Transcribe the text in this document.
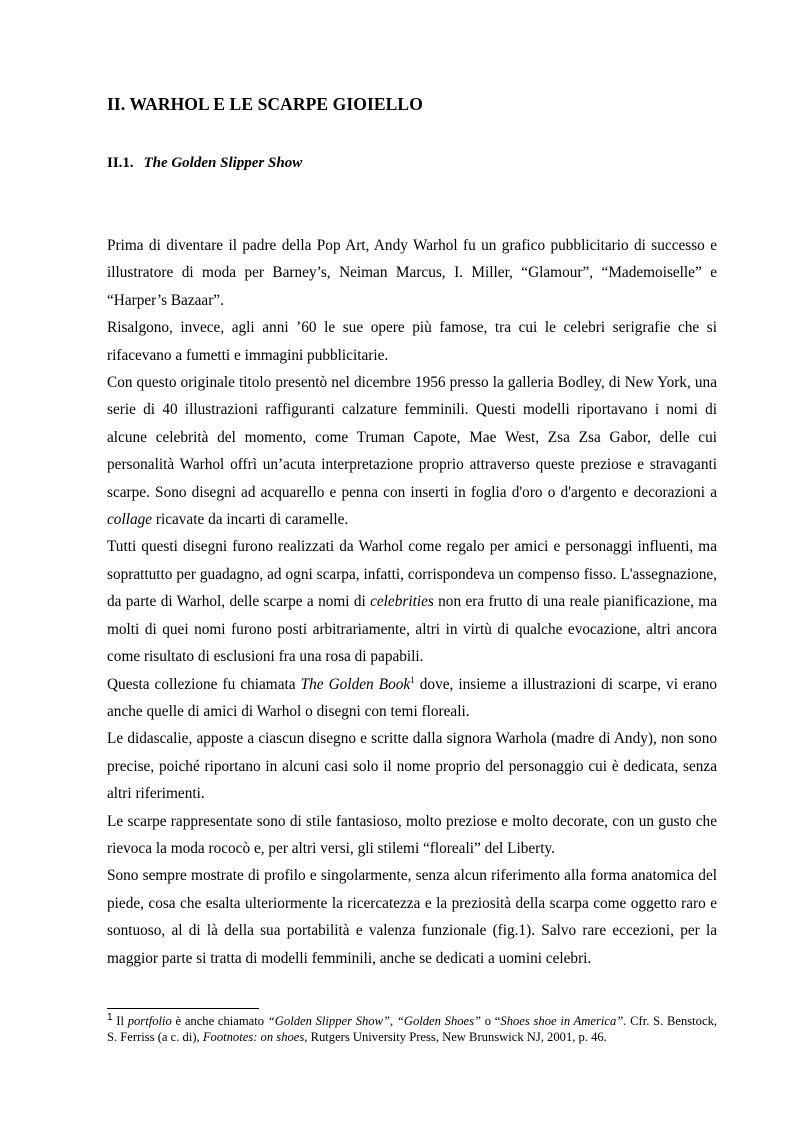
II. WARHOL E LE SCARPE GIOIELLO
II.1. The Golden Slipper Show

Prima di diventare il padre della Pop Art, Andy Warhol fu un grafico pubblicitario di successo e illustratore di moda per Barney’s, Neiman Marcus, I. Miller, “Glamour”, “Mademoiselle” e “Harper’s Bazaar”.

Risalgono, invece, agli anni ’60 le sue opere più famose, tra cui le celebri serigrafie che si rifacevano a fumetti e immagini pubblicitarie.

Con questo originale titolo presentò nel dicembre 1956 presso la galleria Bodley, di New York, una serie di 40 illustrazioni raffiguranti calzature femminili. Questi modelli riportavano i nomi di alcune celebrità del momento, come Truman Capote, Mae West, Zsa Zsa Gabor, delle cui personalità Warhol offrì un’acuta interpretazione proprio attraverso queste preziose e stravaganti scarpe. Sono disegni ad acquarello e penna con inserti in foglia d'oro o d'argento e decorazioni a collage ricavate da incarti di caramelle.

Tutti questi disegni furono realizzati da Warhol come regalo per amici e personaggi influenti, ma soprattutto per guadagno, ad ogni scarpa, infatti, corrispondeva un compenso fisso. L'assegnazione, da parte di Warhol, delle scarpe a nomi di celebrities non era frutto di una reale pianificazione, ma molti di quei nomi furono posti arbitrariamente, altri in virtù di qualche evocazione, altri ancora come risultato di esclusioni fra una rosa di papabili.

Questa collezione fu chiamata The Golden Book$^1$ dove, insieme a illustrazioni di scarpe, vi erano anche quelle di amici di Warhol o disegni con temi floreali.

Le didascalie, apposte a ciascun disegno e scritte dalla signora Warhola (madre di Andy), non sono precise, poiché riportano in alcuni casi solo il nome proprio del personaggio cui è dedicata, senza altri riferimenti.

Le scarpe rappresentate sono di stile fantasioso, molto preziose e molto decorate, con un gusto che rievoca la moda rococò e, per altri versi, gli stilemi “floreali” del Liberty.

Sono sempre mostrate di profilo e singolarmente, senza alcun riferimento alla forma anatomica del piede, cosa che esalta ulteriormente la ricercatezza e la preziosità della scarpa come oggetto raro e sontuoso, al di là della sua portabilità e valenza funzionale (fig.1). Salvo rare eccezioni, per la maggior parte si tratta di modelli femminili, anche se dedicati a uomini celebri.

$^1$ Il portfolio è anche chiamato “Golden Slipper Show”, “Golden Shoes” o “Shoes shoe in America”. Cfr. S. Benstock, S. Ferriss (a c. di), Footnotes: on shoes, Rutgers University Press, New Brunswick NJ, 2001, p. 46.
